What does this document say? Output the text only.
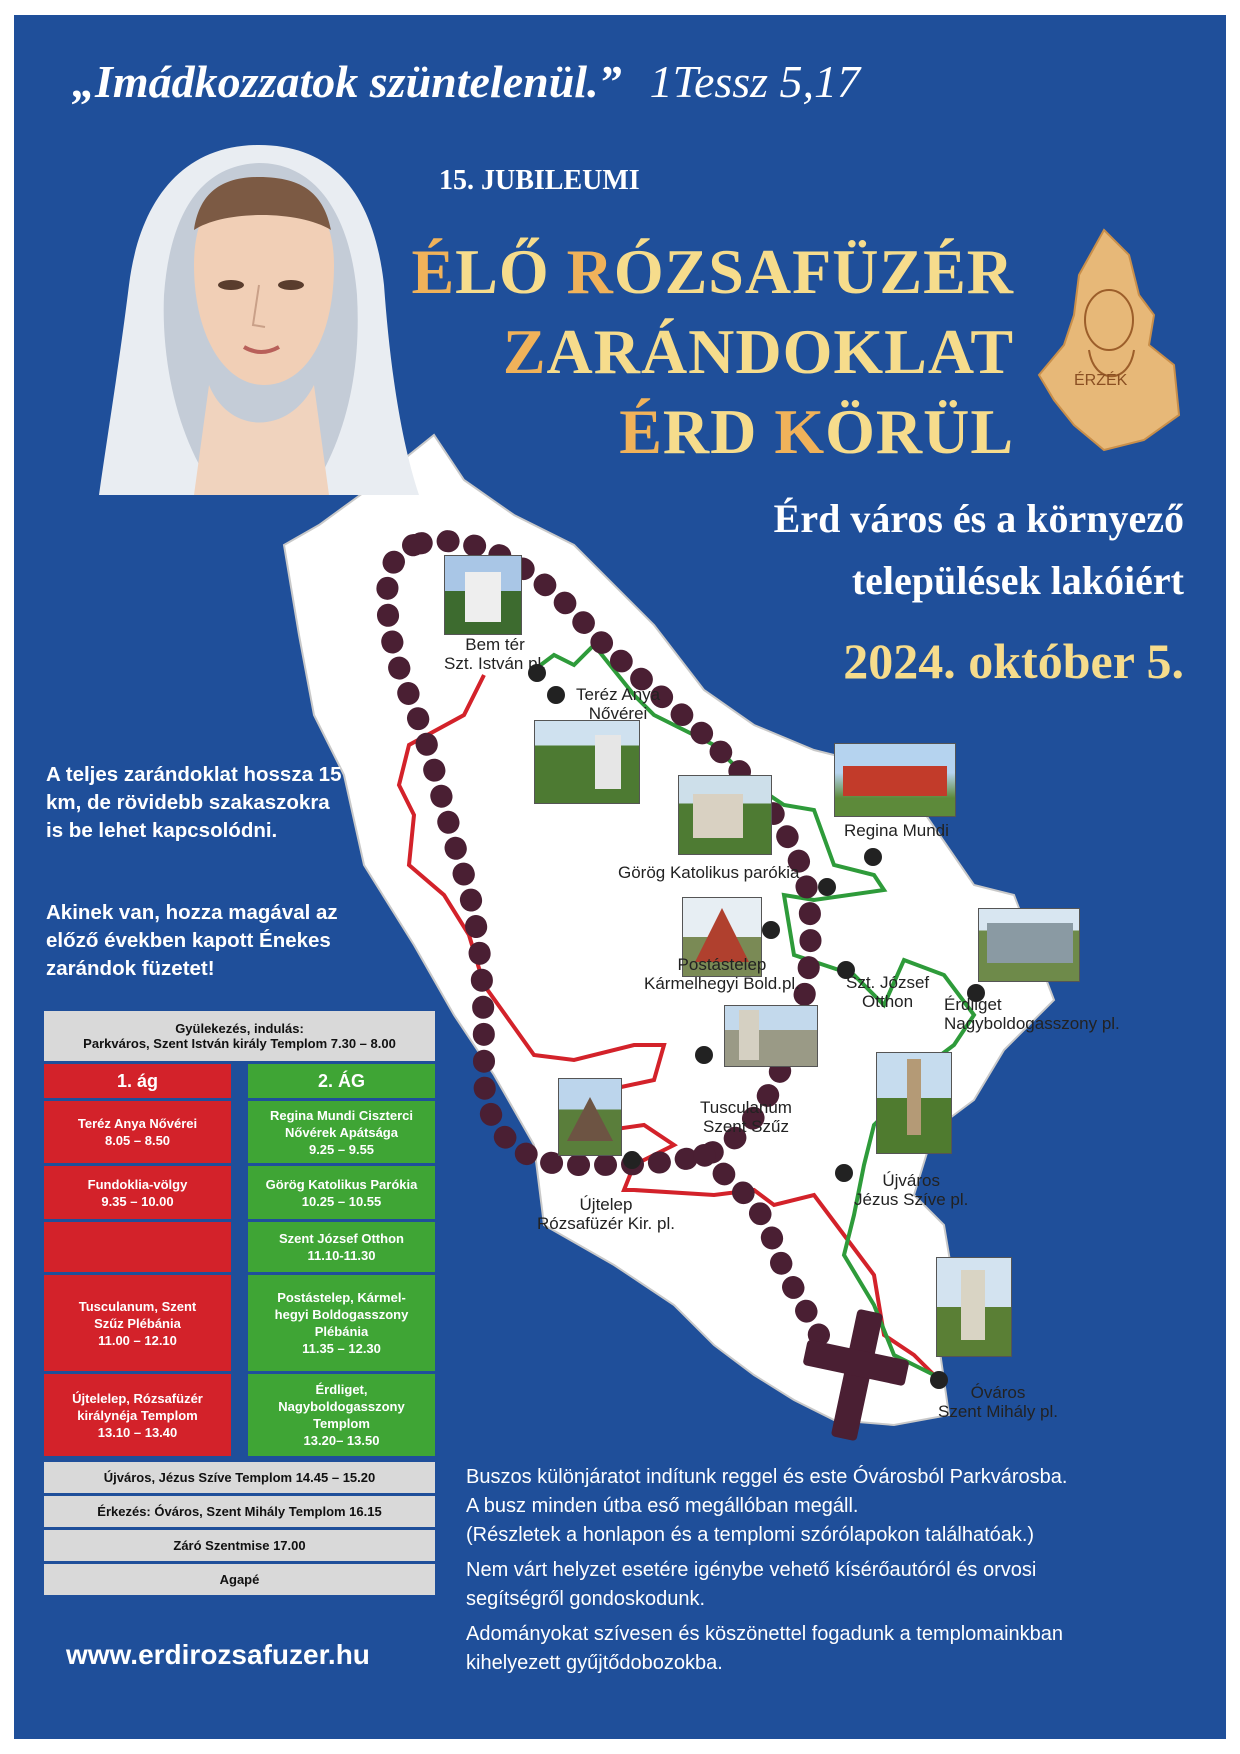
Bem tér
Szt. István pl.
Teréz Anya
Nővérei
Regina Mundi
Görög Katolikus parókia
Postástelep
Kármelhegyi Bold.pl.	Szt. József
Otthon	Érdliget
Nagyboldogasszony pl.
Tusculanum
Szent Szűz
Újtelep
Rózsafüzér Kir. pl.
Újváros
Jézus Szíve pl.
Óváros
Szent Mihály pl.
„Imádkozzatok szüntelenül.” 1Tessz 5,17
15. JUBILEUMI
ÉLŐ RÓZSAFÜZÉR
ZARÁNDOKLAT
ÉRD KÖRÜL
ÉRZÉK
Érd város és a környező
települések lakóiért
2024. október 5.
A teljes zarándoklat hossza 15 km, de rövidebb szakaszokra is be lehet kapcsolódni.
Akinek van, hozza magával az előző években kapott Énekes zarándok füzetet!
Gyülekezés, indulás:
Parkváros, Szent István király Templom 7.30 – 8.00
1. ág
Teréz Anya Nővérei
8.05 – 8.50
Fundoklia-völgy
9.35 – 10.00
Tusculanum, Szent
Szűz Plébánia
11.00 – 12.10
Újtelelep, Rózsafüzér
királynéja Templom
13.10 – 13.40
2. ÁG
Regina Mundi Ciszterci
Nővérek Apátsága
9.25 – 9.55
Görög Katolikus Parókia
10.25 – 10.55
Szent József Otthon
11.10-11.30
Postástelep, Kármel-
hegyi Boldogasszony
Plébánia
11.35 – 12.30
Érdliget,
Nagyboldogasszony
Templom
13.20– 13.50
Újváros, Jézus Szíve Templom 14.45 – 15.20
Érkezés: Óváros, Szent Mihály Templom 16.15
Záró Szentmise 17.00
Agapé
www.erdirozsafuzer.hu

Buszos különjáratot indítunk reggel és este Óvárosból Parkvárosba.
A busz minden útba eső megállóban megáll.
(Részletek a honlapon és a templomi szórólapokon találhatóak.)

Nem várt helyzet esetére igénybe vehető kísérőautóról és orvosi
segítségről gondoskodunk.

Adományokat szívesen és köszönettel fogadunk a templomainkban
kihelyezett gyűjtődobozokba.
